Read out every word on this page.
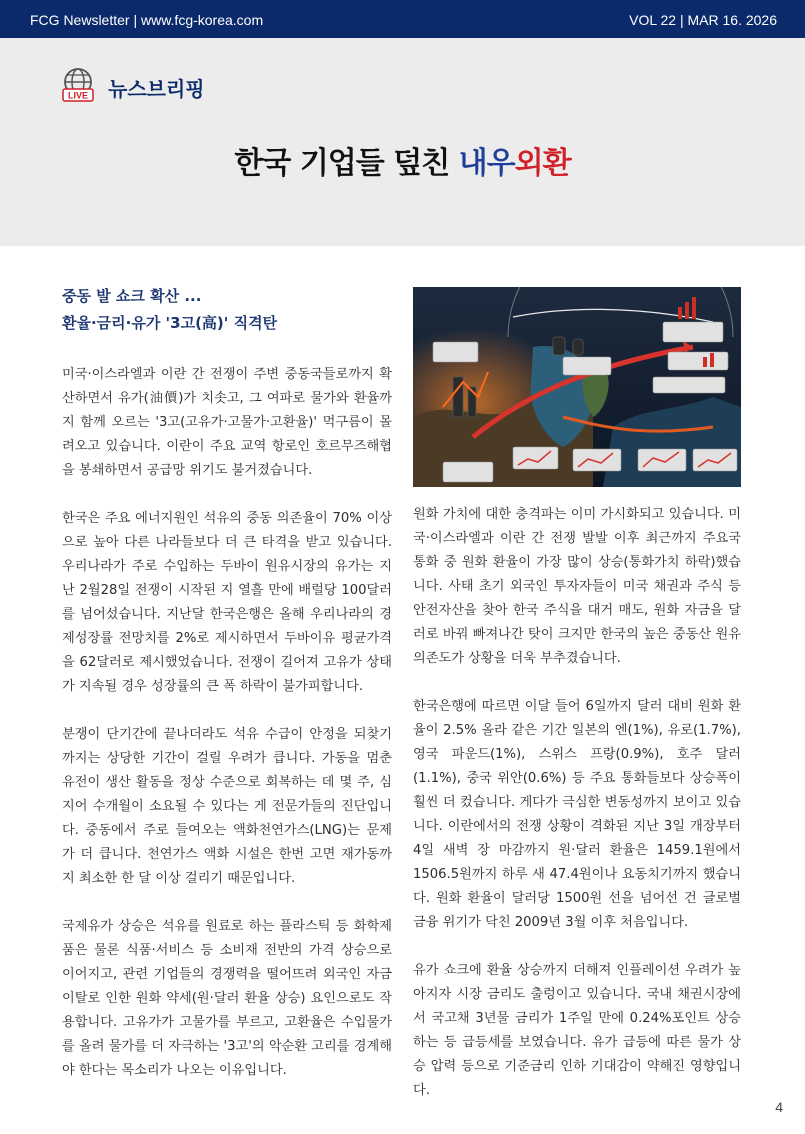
FCG Newsletter | www.fcg-korea.com	VOL 22 | MAR 16. 2026
LIVE 뉴스브리핑
한국 기업들 덮친 내우외환
중동 발 쇼크 확산 ...
환율·금리·유가 '3고(高)' 직격탄

미국·이스라엘과 이란 간 전쟁이 주변 중동국들로까지 확산하면서 유가(油價)가 치솟고, 그 여파로 물가와 환율까지 함께 오르는 '3고(고유가·고물가·고환율)' 먹구름이 몰려오고 있습니다. 이란이 주요 교역 항로인 호르무즈해협을 봉쇄하면서 공급망 위기도 불거졌습니다.

한국은 주요 에너지원인 석유의 중동 의존율이 70% 이상으로 높아 다른 나라들보다 더 큰 타격을 받고 있습니다. 우리나라가 주로 수입하는 두바이 원유시장의 유가는 지난 2월28일 전쟁이 시작된 지 열흘 만에 배럴당 100달러를 넘어섰습니다. 지난달 한국은행은 올해 우리나라의 경제성장률 전망치를 2%로 제시하면서 두바이유 평균가격을 62달러로 제시했었습니다. 전쟁이 길어져 고유가 상태가 지속될 경우 성장률의 큰 폭 하락이 불가피합니다.

분쟁이 단기간에 끝나더라도 석유 수급이 안정을 되찾기까지는 상당한 기간이 걸릴 우려가 큽니다. 가동을 멈춘 유전이 생산 활동을 정상 수준으로 회복하는 데 몇 주, 심지어 수개월이 소요될 수 있다는 게 전문가들의 진단입니다. 중동에서 주로 들여오는 액화천연가스(LNG)는 문제가 더 큽니다. 천연가스 액화 시설은 한번 고면 재가동까지 최소한 한 달 이상 걸리기 때문입니다.

국제유가 상승은 석유를 원료로 하는 플라스틱 등 화학제품은 물론 식품·서비스 등 소비재 전반의 가격 상승으로 이어지고, 관련 기업들의 경쟁력을 떨어뜨려 외국인 자금 이탈로 인한 원화 약세(원·달러 환율 상승) 요인으로도 작용합니다. 고유가가 고물가를 부르고, 고환율은 수입물가를 올려 물가를 더 자극하는 '3고'의 악순환 고리를 경계해야 한다는 목소리가 나오는 이유입니다.

원화 가치에 대한 충격파는 이미 가시화되고 있습니다. 미국·이스라엘과 이란 간 전쟁 발발 이후 최근까지 주요국 통화 중 원화 환율이 가장 많이 상승(통화가치 하락)했습니다. 사태 초기 외국인 투자자들이 미국 채권과 주식 등 안전자산을 찾아 한국 주식을 대거 매도, 원화 자금을 달러로 바꿔 빠져나간 탓이 크지만 한국의 높은 중동산 원유 의존도가 상황을 더욱 부추겼습니다.

한국은행에 따르면 이달 들어 6일까지 달러 대비 원화 환율이 2.5% 올라 같은 기간 일본의 엔(1%), 유로(1.7%), 영국 파운드(1%), 스위스 프랑(0.9%), 호주 달러(1.1%), 중국 위안(0.6%) 등 주요 통화들보다 상승폭이 훨씬 더 컸습니다. 게다가 극심한 변동성까지 보이고 있습니다. 이란에서의 전쟁 상황이 격화된 지난 3일 개장부터 4일 새벽 장 마감까지 원·달러 환율은 1459.1원에서 1506.5원까지 하루 새 47.4원이나 요동치기까지 했습니다. 원화 환율이 달러당 1500원 선을 넘어선 건 글로벌 금융 위기가 닥친 2009년 3월 이후 처음입니다.

유가 쇼크에 환율 상승까지 더해져 인플레이션 우려가 높아지자 시장 금리도 출렁이고 있습니다. 국내 채권시장에서 국고채 3년물 금리가 1주일 만에 0.24%포인트 상승하는 등 급등세를 보였습니다. 유가 급등에 따른 물가 상승 압력 등으로 기준금리 인하 기대감이 약해진 영향입니다.

4
